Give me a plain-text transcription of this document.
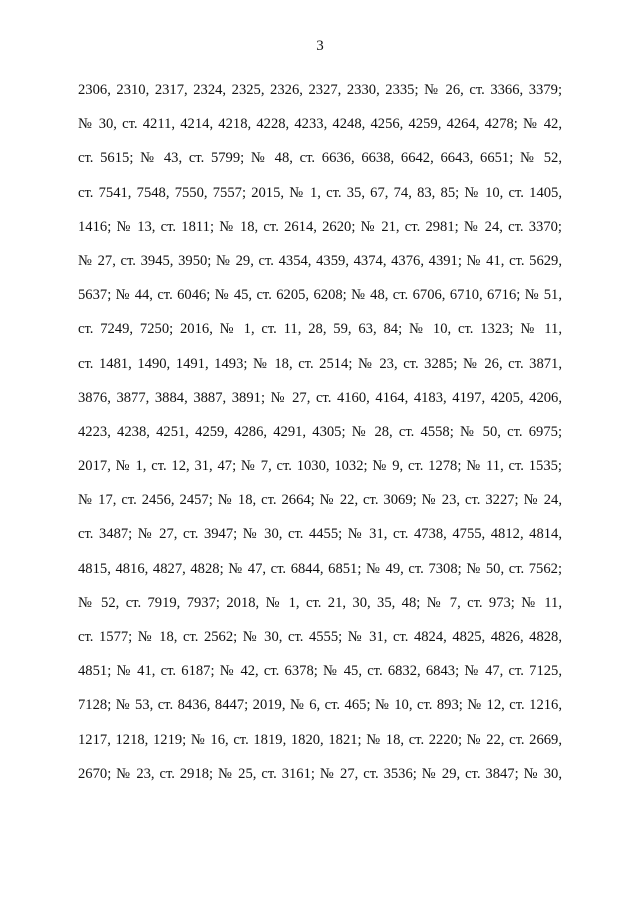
3
2306, 2310, 2317, 2324, 2325, 2326, 2327, 2330, 2335; № 26, ст. 3366, 3379;
№ 30, ст. 4211, 4214, 4218, 4228, 4233, 4248, 4256, 4259, 4264, 4278; № 42,
ст. 5615; № 43, ст. 5799; № 48, ст. 6636, 6638, 6642, 6643, 6651; № 52,
ст. 7541, 7548, 7550, 7557; 2015, № 1, ст. 35, 67, 74, 83, 85; № 10, ст. 1405,
1416; № 13, ст. 1811; № 18, ст. 2614, 2620; № 21, ст. 2981; № 24, ст. 3370;
№ 27, ст. 3945, 3950; № 29, ст. 4354, 4359, 4374, 4376, 4391; № 41, ст. 5629,
5637; № 44, ст. 6046; № 45, ст. 6205, 6208; № 48, ст. 6706, 6710, 6716; № 51,
ст. 7249, 7250; 2016, № 1, ст. 11, 28, 59, 63, 84; № 10, ст. 1323; № 11,
ст. 1481, 1490, 1491, 1493; № 18, ст. 2514; № 23, ст. 3285; № 26, ст. 3871,
3876, 3877, 3884, 3887, 3891; № 27, ст. 4160, 4164, 4183, 4197, 4205, 4206,
4223, 4238, 4251, 4259, 4286, 4291, 4305; № 28, ст. 4558; № 50, ст. 6975;
2017, № 1, ст. 12, 31, 47; № 7, ст. 1030, 1032; № 9, ст. 1278; № 11, ст. 1535;
№ 17, ст. 2456, 2457; № 18, ст. 2664; № 22, ст. 3069; № 23, ст. 3227; № 24,
ст. 3487; № 27, ст. 3947; № 30, ст. 4455; № 31, ст. 4738, 4755, 4812, 4814,
4815, 4816, 4827, 4828; № 47, ст. 6844, 6851; № 49, ст. 7308; № 50, ст. 7562;
№ 52, ст. 7919, 7937; 2018, № 1, ст. 21, 30, 35, 48; № 7, ст. 973; № 11,
ст. 1577; № 18, ст. 2562; № 30, ст. 4555; № 31, ст. 4824, 4825, 4826, 4828,
4851; № 41, ст. 6187; № 42, ст. 6378; № 45, ст. 6832, 6843; № 47, ст. 7125,
7128; № 53, ст. 8436, 8447; 2019, № 6, ст. 465; № 10, ст. 893; № 12, ст. 1216,
1217, 1218, 1219; № 16, ст. 1819, 1820, 1821; № 18, ст. 2220; № 22, ст. 2669,
2670; № 23, ст. 2918; № 25, ст. 3161; № 27, ст. 3536; № 29, ст. 3847; № 30,
